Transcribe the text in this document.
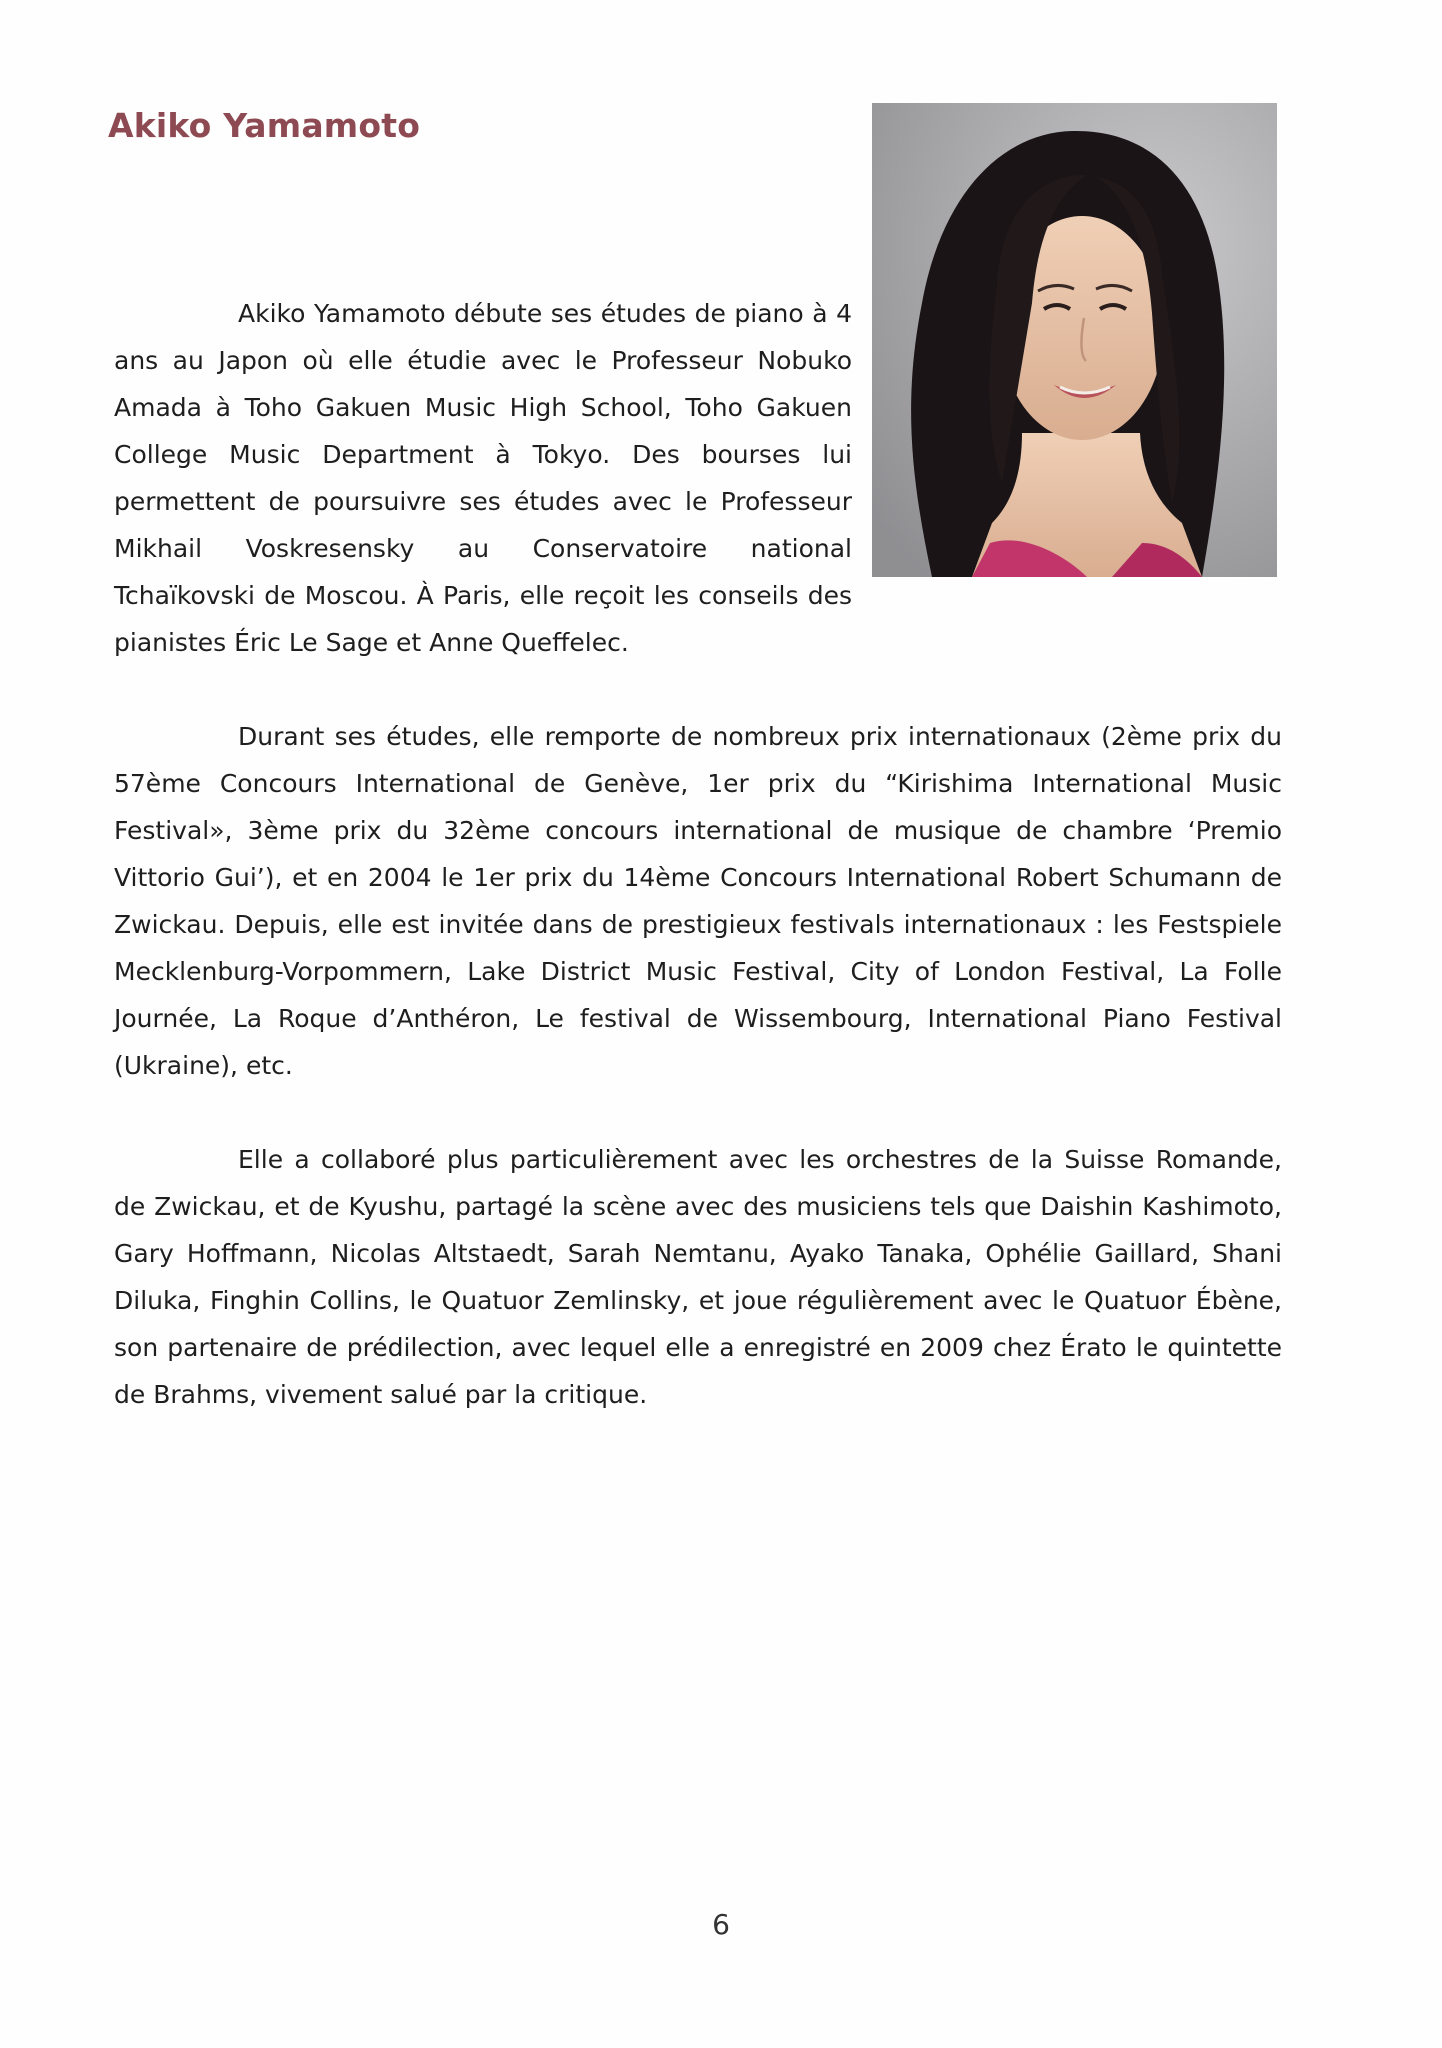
Akiko Yamamoto

Akiko Yamamoto débute ses études de piano à 4 ans au Japon où elle étudie avec le Professeur Nobuko Amada à Toho Gakuen Music High School, Toho Gakuen College Music Department à Tokyo. Des bourses lui permettent de poursuivre ses études avec le Professeur Mikhail Voskresensky au Conservatoire national Tchaïkovski de Moscou. À Paris, elle reçoit les conseils des pianistes Éric Le Sage et Anne Queffelec.

Durant ses études, elle remporte de nombreux prix internationaux (2ème prix du 57ème Concours International de Genève, 1er prix du “Kirishima International Music Festival», 3ème prix du 32ème concours international de musique de chambre ‘Premio Vittorio Gui’), et en 2004 le 1er prix du 14ème Concours International Robert Schumann de Zwickau. Depuis, elle est invitée dans de prestigieux festivals internationaux : les Festspiele Mecklenburg-Vorpommern, Lake District Music Festival, City of London Festival, La Folle Journée, La Roque d’Anthéron, Le festival de Wissembourg, International Piano Festival (Ukraine), etc.

Elle a collaboré plus particulièrement avec les orchestres de la Suisse Romande, de Zwickau, et de Kyushu, partagé la scène avec des musiciens tels que Daishin Kashimoto, Gary Hoffmann, Nicolas Altstaedt, Sarah Nemtanu, Ayako Tanaka, Ophélie Gaillard, Shani Diluka, Finghin Collins, le Quatuor Zemlinsky, et joue régulièrement avec le Quatuor Ébène, son partenaire de prédilection, avec lequel elle a enregistré en 2009 chez Érato le quintette de Brahms, vivement salué par la critique.

6
